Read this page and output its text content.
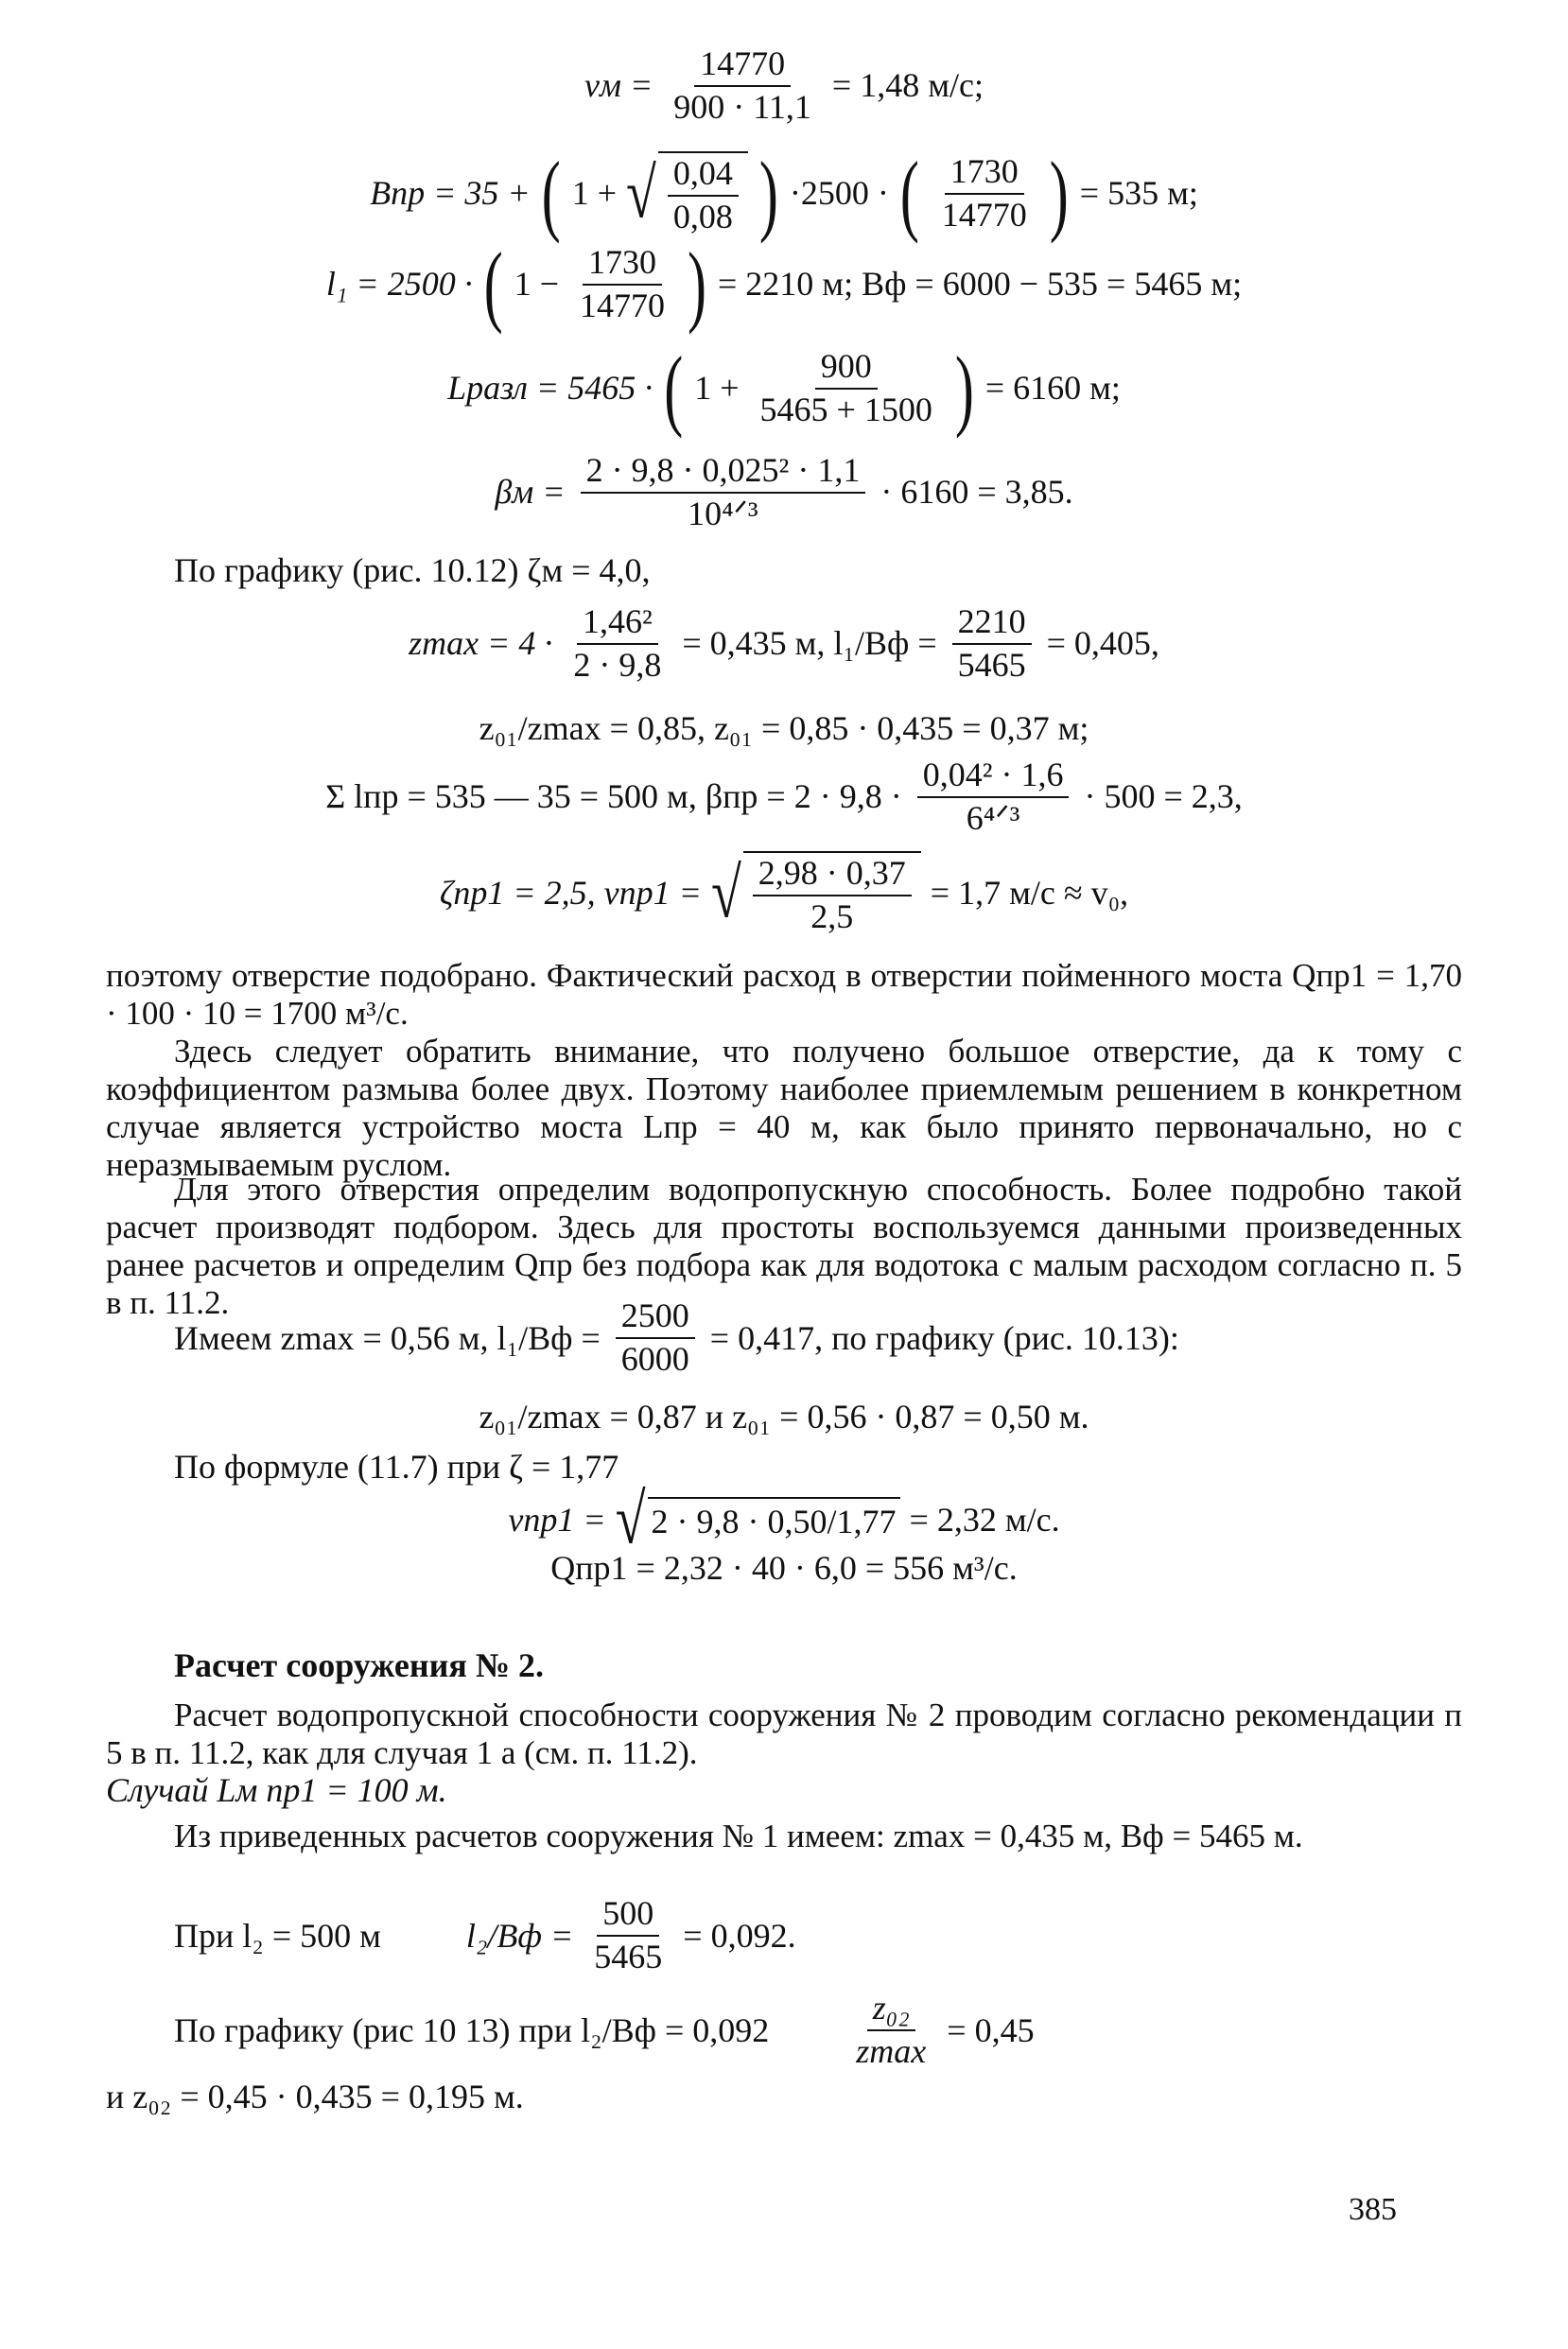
vм = $\frac{14770}{900 \cdot 11,1} = 1,48$ м/с;
Bпр = 35 + ( 1 + √ $\frac{0,04}{0,08}$ ) ·2500 · ( $\frac{1730}{14770}$ ) = 535 м;
l₁ = 2500 · ( $1 - \frac{1730}{14770}$ ) = 2210 м; Bф = 6000 − 535 = 5465 м;
Lразл = 5465 · ( $1 + \frac{900}{5465 + 1500}$ ) = 6160 м;
$\beta м = \frac{\text{2 · 9,8 · 0,025² · 1,1}}{\text{10⁴ᐟ³}} \cdot 6160 = 3,85$.
По графику (рис. 10.12) ζм = 4,0,
$zmax = 4 \cdot \frac{\text{1,46²}}{2 \cdot 9,8} = 0,435$ м, $l_1/Bф = \frac{2210}{5465} = 0,405$,
z₀₁/zmax = 0,85, z₀₁ = 0,85 · 0,435 = 0,37 м;
Σ lпр = 535 — 35 = 500 м, $\beta пр = 2 \cdot 9,8 \cdot \frac{\text{0,04² · 1,6}}{\text{6⁴ᐟ³}} \cdot 500 = 2,3$,
ζпр1 = 2,5, vпр1 = √ $\frac{2,98 \cdot 0,37}{2,5} = 1,7$ м/с ≈ v₀,
поэтому отверстие подобрано. Фактический расход в отверстии пойменного моста Qпр1 = 1,70 · 100 · 10 = 1700 м³/с.
Здесь следует обратить внимание, что получено большое отверстие, да к тому с коэффициентом размыва более двух. Поэтому наиболее приемлемым решением в конкретном случае является устройство моста Lпр = 40 м, как было принято первоначально, но с неразмываемым руслом.
Для этого отверстия определим водопропускную способность. Более подробно такой расчет производят подбором. Здесь для простоты воспользуемся данными произведенных ранее расчетов и определим Qпр без подбора как для водотока с малым расходом согласно п. 5 в п. 11.2.
Имеем zmax = 0,56 м, $l_1/Bф = \frac{2500}{6000} = 0,417$, по графику (рис. 10.13):
z₀₁/zmax = 0,87 и z₀₁ = 0,56 · 0,87 = 0,50 м.
По формуле (11.7) при ζ = 1,77
vпр1 = √ 2 · 9,8 · 0,50/1,77 = 2,32 м/с.
Qпр1 = 2,32 · 40 · 6,0 = 556 м³/с.
Расчет сооружения № 2.
Расчет водопропускной способности сооружения № 2 проводим согласно рекомендации п 5 в п. 11.2, как для случая 1 а (см. п. 11.2).
Случай Lм пр1 = 100 м.
Из приведенных расчетов сооружения № 1 имеем: zmax = 0,435 м, Bф = 5465 м.
При l₂ = 500 м	$l_2/Bф = \frac{500}{5465} = 0,092$.
По графику (рис 10 13) при $l_2/Bф = 0,092 \frac{\text{z₀₂}}{zmax} = 0,45$
и z₀₂ = 0,45 · 0,435 = 0,195 м.
385
